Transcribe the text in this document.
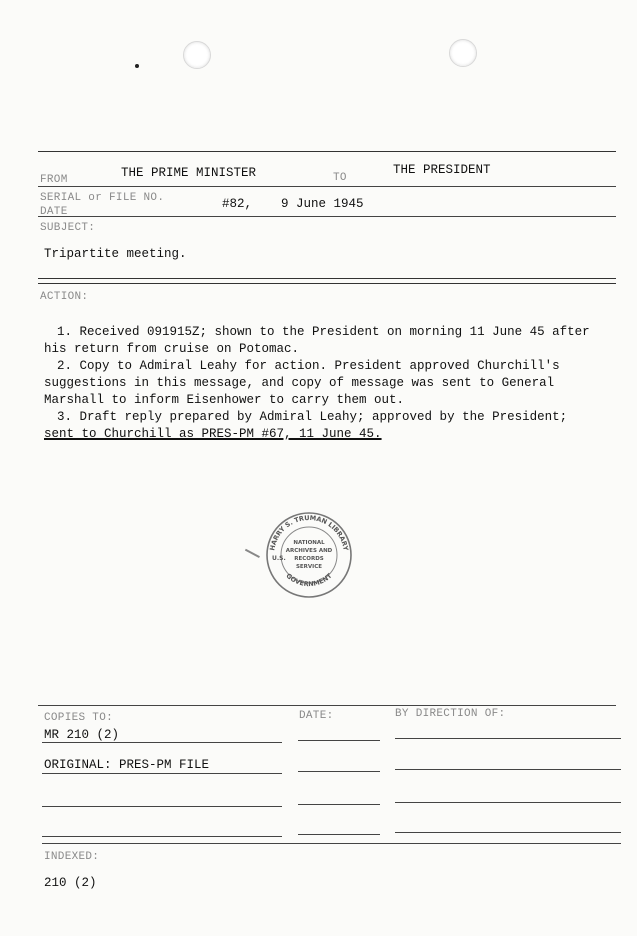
FROM	THE PRIME MINISTER	TO
THE PRESIDENT
SERIAL or FILE NO.
DATE
#82, 9 June 1945
SUBJECT:
Tripartite meeting.
ACTION:

1. Received 091915Z; shown to the President on morning 11 June 45 after his return from cruise on Potomac.

2. Copy to Admiral Leahy for action. President approved Churchill's suggestions in this message, and copy of message was sent to General Marshall to inform Eisenhower to carry them out.

3. Draft reply prepared by Admiral Leahy; approved by the President;

sent to Churchill as PRES-PM #67, 11 June 45.
HARRY S. TRUMAN LIBRARY
GOVERNMENT
NATIONAL
ARCHIVES AND
RECORDS
SERVICE
U.S.
COPIES TO:	DATE:	BY DIRECTION OF:
MR 210 (2)
ORIGINAL: PRES-PM FILE
INDEXED:
210 (2)
